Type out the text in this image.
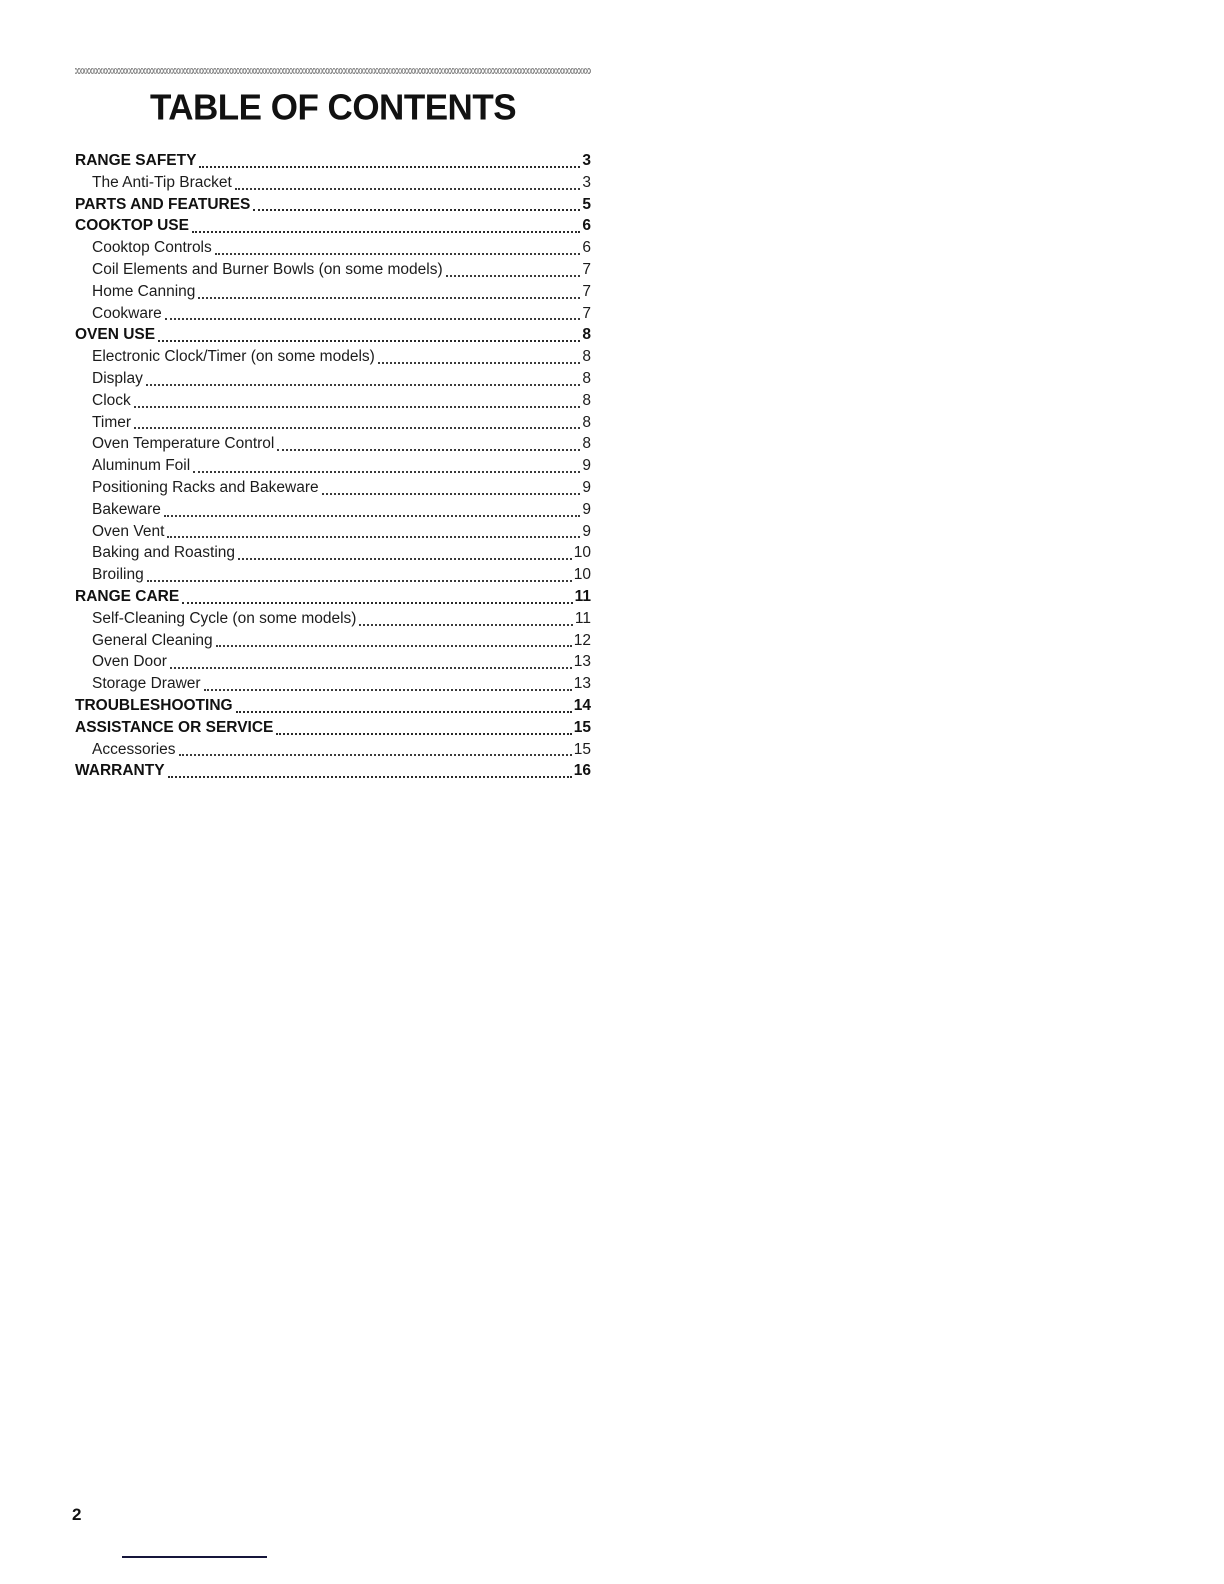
TABLE OF CONTENTS
RANGE SAFETY	3
The Anti-Tip Bracket	3
PARTS AND FEATURES	5
COOKTOP USE	6
Cooktop Controls	6
Coil Elements and Burner Bowls (on some models)	7
Home Canning	7
Cookware	7
OVEN USE	8
Electronic Clock/Timer (on some models)	8
Display	8
Clock	8
Timer	8
Oven Temperature Control	8
Aluminum Foil	9
Positioning Racks and Bakeware	9
Bakeware	9
Oven Vent	9
Baking and Roasting	10
Broiling	10
RANGE CARE	11
Self-Cleaning Cycle (on some models)	11
General Cleaning	12
Oven Door	13
Storage Drawer	13
TROUBLESHOOTING	14
ASSISTANCE OR SERVICE	15
Accessories	15
WARRANTY	16
2
